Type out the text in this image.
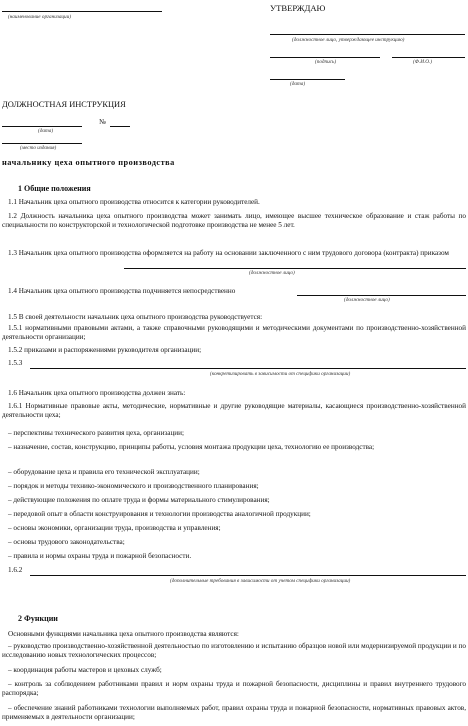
(наименование организации)
УТВЕРЖДАЮ
(должностное лицо, утверждающее инструкцию)
(подпись)	(Ф.И.О.)
(дата)
ДОЛЖНОСТНАЯ ИНСТРУКЦИЯ
№
(дата)
(место издания)
начальнику цеха опытного производства
1 Общие положения
1.1 Начальник цеха опытного производства относится к категории руководителей.
1.2 Должность начальника цеха опытного производства может занимать лицо, имеющее высшее техническое образование и стаж работы по специальности по конструкторской и технологической подготовке производства не менее 5 лет.
1.3 Начальник цеха опытного производства оформляется на работу на основании заключенного с ним трудового договора (контракта) приказом
(должностное лицо)
1.4 Начальник цеха опытного производства подчиняется непосредственно
(должностное лицо)
1.5 В своей деятельности начальник цеха опытного производства руководствуется:
1.5.1 нормативными правовыми актами, а также справочными руководящими и методическими документами по производственно-хозяйственной деятельности организации;
1.5.2 приказами и распоряжениями руководителя организации;
1.5.3
(конкретизировать в зависимости от специфики организации)
1.6 Начальник цеха опытного производства должен знать:
1.6.1 Нормативные правовые акты, методические, нормативные и другие руководящие материалы, касающиеся производственно-хозяйственной деятельности цеха;
– перспективы технического развития цеха, организации;
– назначение, состав, конструкцию, принципы работы, условия монтажа продукции цеха, технологию ее производства;
– оборудование цеха и правила его технической эксплуатации;
– порядок и методы технико-экономического и производственного планирования;
– действующие положения по оплате труда и формы материального стимулирования;
– передовой опыт в области конструирования и технологии производства аналогичной продукции;
– основы экономики, организации труда, производства и управления;
– основы трудового законодательства;
– правила и нормы охраны труда и пожарной безопасности.
1.6.2
(дополнительные требования в зависимости от учетом специфики организации)
2 Функции
Основными функциями начальника цеха опытного производства являются:
– руководство производственно-хозяйственной деятельностью по изготовлению и испытанию образцов новой или модернизируемой продукции и по исследованию новых технологических процессов;
– координация работы мастеров и цеховых служб;
– контроль за соблюдением работниками правил и норм охраны труда и пожарной безопасности, дисциплины и правил внутреннего трудового распорядка;
– обеспечение знаний работниками технологии выполняемых работ, правил охраны труда и пожарной безопасности, нормативных правовых актов, применяемых в деятельности организации;
